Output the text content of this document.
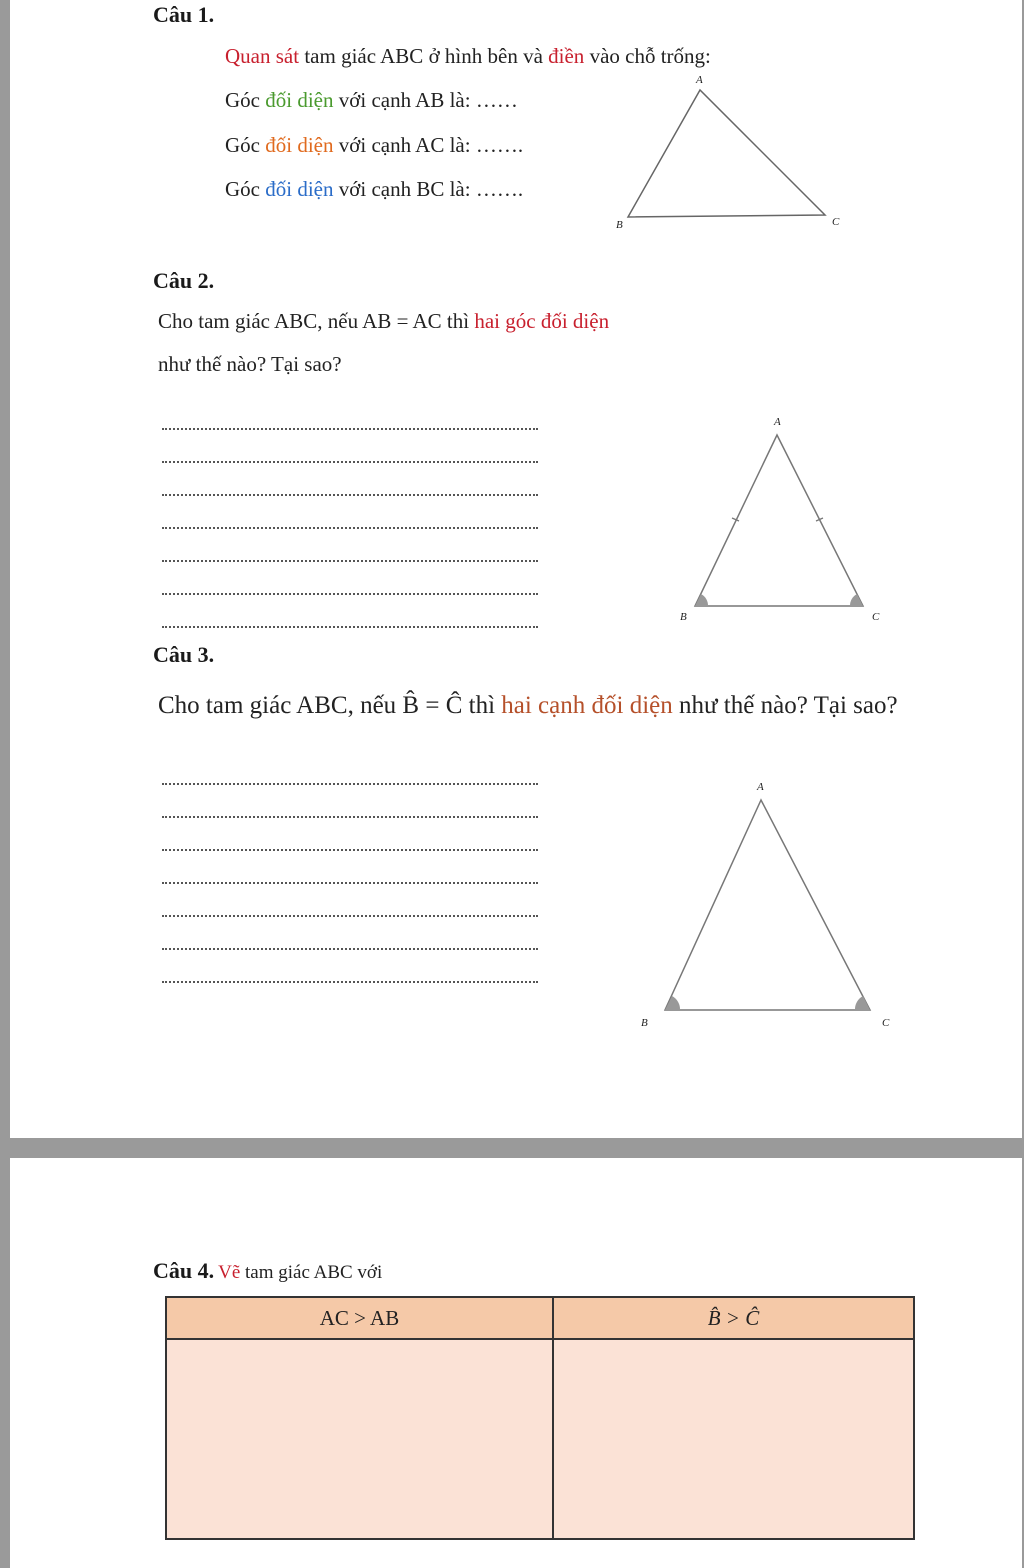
Câu 1.
Quan sát tam giác ABC ở hình bên và điền vào chỗ trống:
Góc đối diện với cạnh AB là: ……
Góc đối diện với cạnh AC là: …….
Góc đối diện với cạnh BC là: …….
A
B	C
Câu 2.
Cho tam giác ABC, nếu AB = AC thì hai góc đối diện
như thế nào? Tại sao?
A
B	C
Câu 3.
Cho tam giác ABC, nếu B̂ = Ĉ thì hai cạnh đối diện như thế nào? Tại sao?
A
B	C
Câu 4. Vẽ tam giác ABC với
AC > AB	B̂ > Ĉ
